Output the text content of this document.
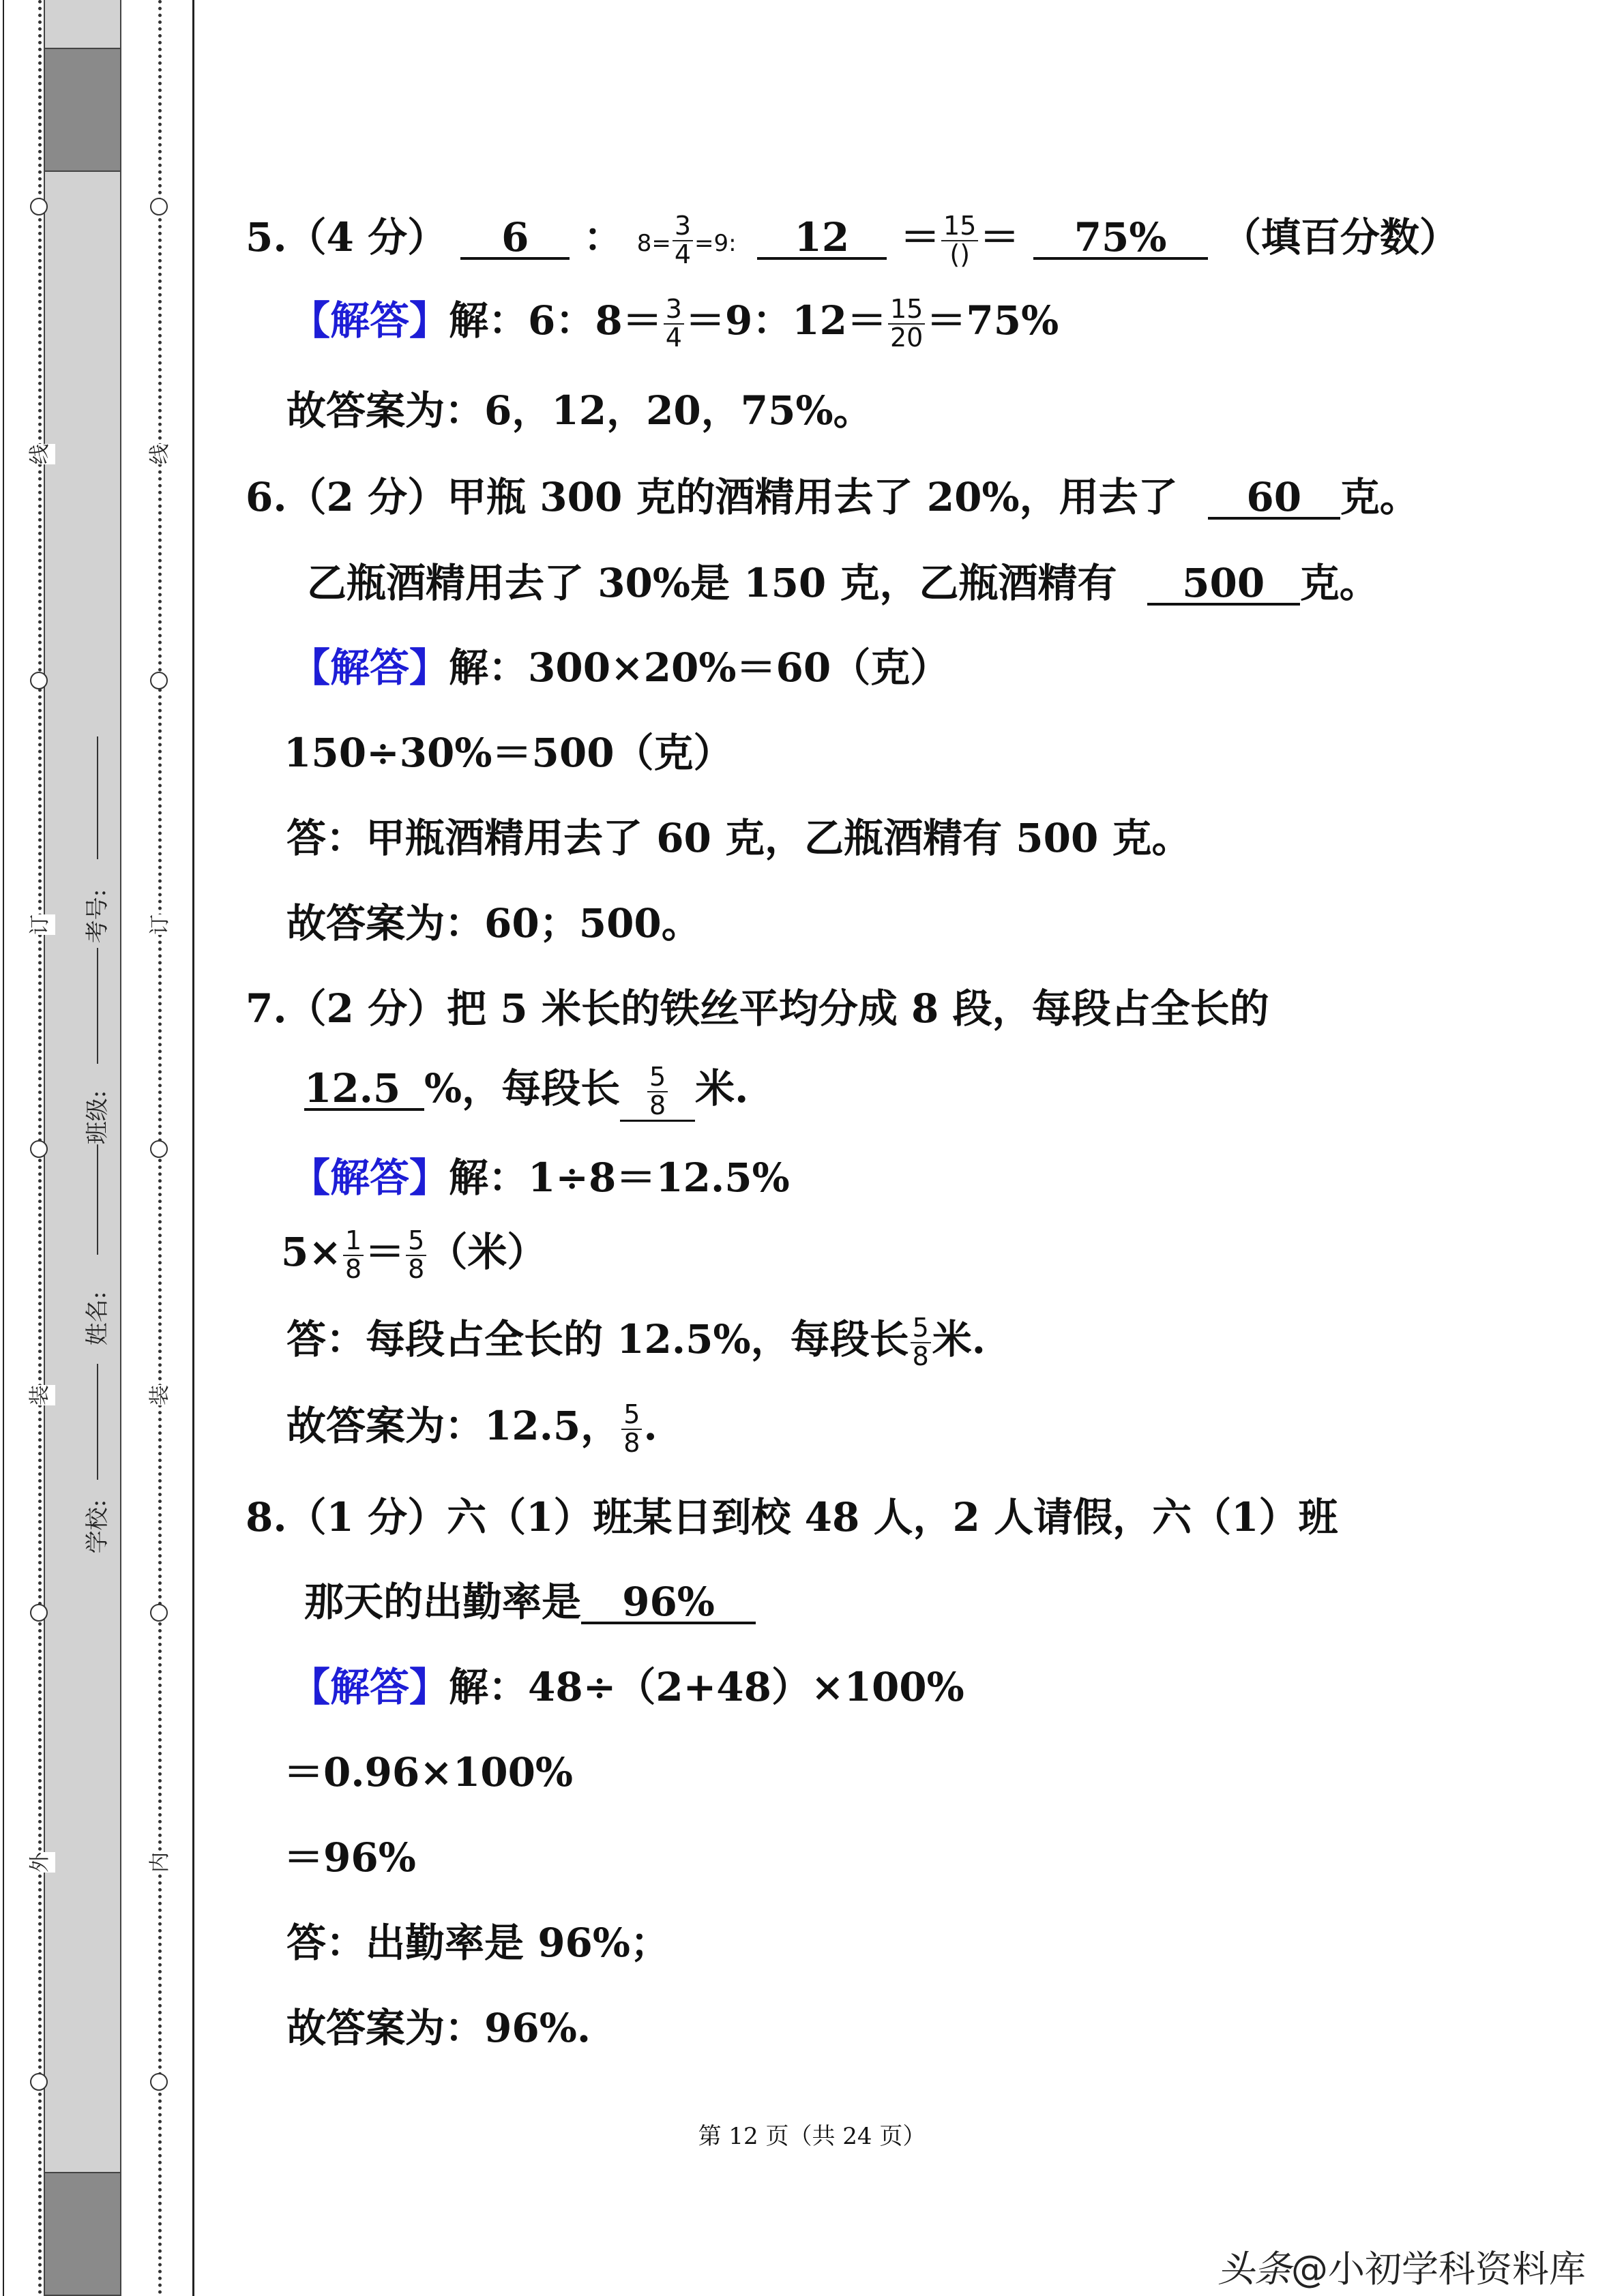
线
订
装
外
线
订
装
内
学校:
姓名:
班级:
考号:
5.（4 分） 6 ： $8= \frac{3}{4} =9$: $12 = \frac{15}{()} = 75\%$ （填百分数）
【解答】解：6：$8= \frac{3}{4} =9$：$12= \frac{15}{20} =75\%$
故答案为：6，12，20，75%。
6.（2 分）甲瓶 300 克的酒精用去了 20%，用去了 60 克。
乙瓶酒精用去了 30%是 150 克，乙瓶酒精有 500 克。
【解答】解：300×20%＝60（克）
150÷30%＝500（克）
答：甲瓶酒精用去了 60 克，乙瓶酒精有 500 克。
故答案为：60；500。
7.（2 分）把 5 米长的铁丝平均分成 8 段，每段占全长的
12.5 %，每段长 $\frac{5}{8}$ 米.
【解答】解：1÷8＝12.5%
$5\times \frac{1}{8} = \frac{5}{8}$ （米）
答：每段占全长的 12.5%，每段长 $\frac{5}{8}$ 米.
故答案为：12.5， $\frac{5}{8}$ .
8.（1 分）六（1）班某日到校 48 人，2 人请假，六（1）班
那天的出勤率是 96%
【解答】解：48÷（2+48）×100%
＝0.96×100%
＝96%
答：出勤率是 96%；
故答案为：96%.
第 12 页（共 24 页）
头条@小初学科资料库
